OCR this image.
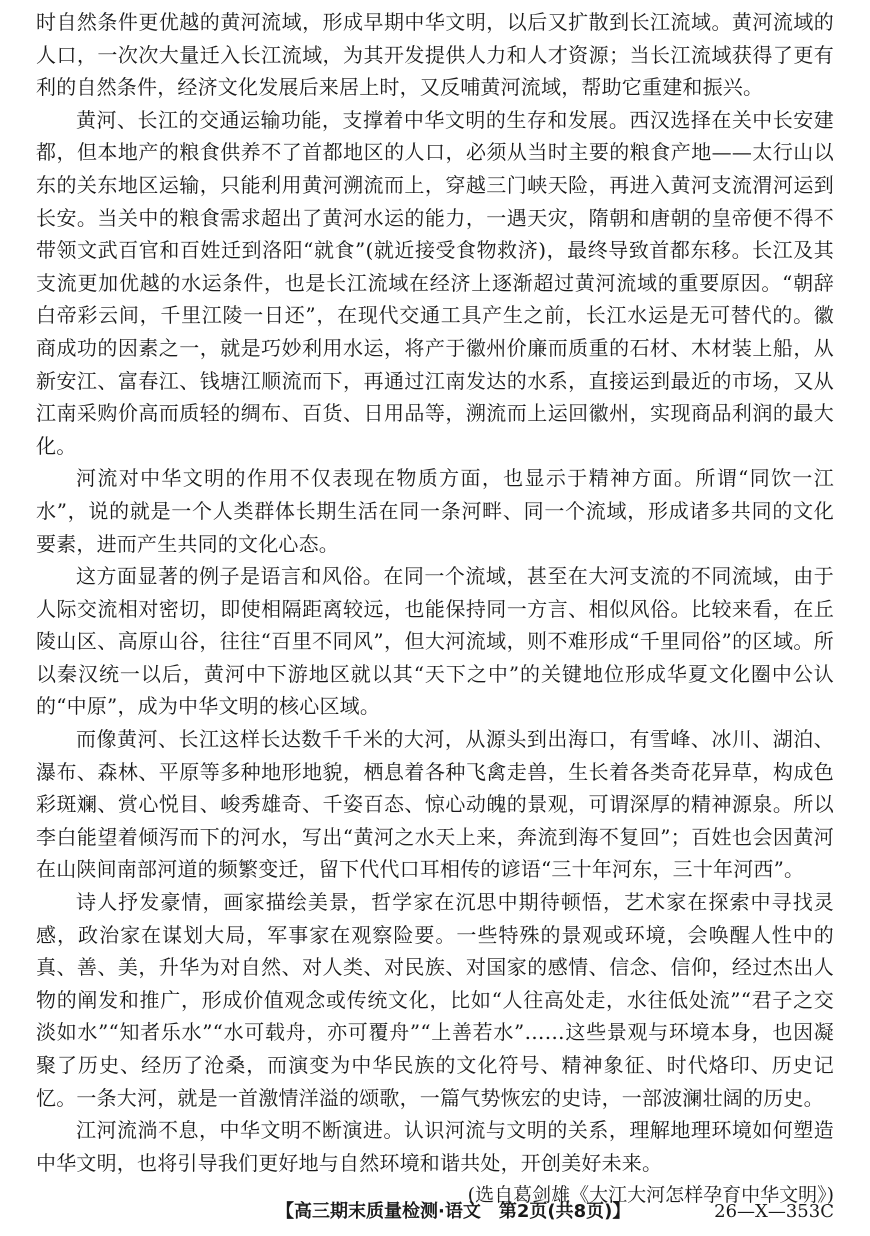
时自然条件更优越的黄河流域，形成早期中华文明，以后又扩散到长江流域。黄河流域的人口，一次次大量迁入长江流域，为其开发提供人力和人才资源；当长江流域获得了更有利的自然条件，经济文化发展后来居上时，又反哺黄河流域，帮助它重建和振兴。

黄河、长江的交通运输功能，支撑着中华文明的生存和发展。西汉选择在关中长安建都，但本地产的粮食供养不了首都地区的人口，必须从当时主要的粮食产地——太行山以东的关东地区运输，只能利用黄河溯流而上，穿越三门峡天险，再进入黄河支流渭河运到长安。当关中的粮食需求超出了黄河水运的能力，一遇天灾，隋朝和唐朝的皇帝便不得不带领文武百官和百姓迁到洛阳“就食”(就近接受食物救济)，最终导致首都东移。长江及其支流更加优越的水运条件，也是长江流域在经济上逐渐超过黄河流域的重要原因。“朝辞白帝彩云间，千里江陵一日还”，在现代交通工具产生之前，长江水运是无可替代的。徽商成功的因素之一，就是巧妙利用水运，将产于徽州价廉而质重的石材、木材装上船，从新安江、富春江、钱塘江顺流而下，再通过江南发达的水系，直接运到最近的市场，又从江南采购价高而质轻的绸布、百货、日用品等，溯流而上运回徽州，实现商品利润的最大化。

河流对中华文明的作用不仅表现在物质方面，也显示于精神方面。所谓“同饮一江水”，说的就是一个人类群体长期生活在同一条河畔、同一个流域，形成诸多共同的文化要素，进而产生共同的文化心态。

这方面显著的例子是语言和风俗。在同一个流域，甚至在大河支流的不同流域，由于人际交流相对密切，即使相隔距离较远，也能保持同一方言、相似风俗。比较来看，在丘陵山区、高原山谷，往往“百里不同风”，但大河流域，则不难形成“千里同俗”的区域。所以秦汉统一以后，黄河中下游地区就以其“天下之中”的关键地位形成华夏文化圈中公认的“中原”，成为中华文明的核心区域。

而像黄河、长江这样长达数千千米的大河，从源头到出海口，有雪峰、冰川、湖泊、瀑布、森林、平原等多种地形地貌，栖息着各种飞禽走兽，生长着各类奇花异草，构成色彩斑斓、赏心悦目、峻秀雄奇、千姿百态、惊心动魄的景观，可谓深厚的精神源泉。所以李白能望着倾泻而下的河水，写出“黄河之水天上来，奔流到海不复回”；百姓也会因黄河在山陕间南部河道的频繁变迁，留下代代口耳相传的谚语“三十年河东，三十年河西”。

诗人抒发豪情，画家描绘美景，哲学家在沉思中期待顿悟，艺术家在探索中寻找灵感，政治家在谋划大局，军事家在观察险要。一些特殊的景观或环境，会唤醒人性中的真、善、美，升华为对自然、对人类、对民族、对国家的感情、信念、信仰，经过杰出人物的阐发和推广，形成价值观念或传统文化，比如“人往高处走，水往低处流”“君子之交淡如水”“知者乐水”“水可载舟，亦可覆舟”“上善若水”……这些景观与环境本身，也因凝聚了历史、经历了沧桑，而演变为中华民族的文化符号、精神象征、时代烙印、历史记忆。一条大河，就是一首激情洋溢的颂歌，一篇气势恢宏的史诗，一部波澜壮阔的历史。

江河流淌不息，中华文明不断演进。认识河流与文明的关系，理解地理环境如何塑造中华文明，也将引导我们更好地与自然环境和谐共处，开创美好未来。

(选自葛剑雄《大江大河怎样孕育中华文明》)

【高三期末质量检测·语文　第2页(共8页)】	26—X—353C
